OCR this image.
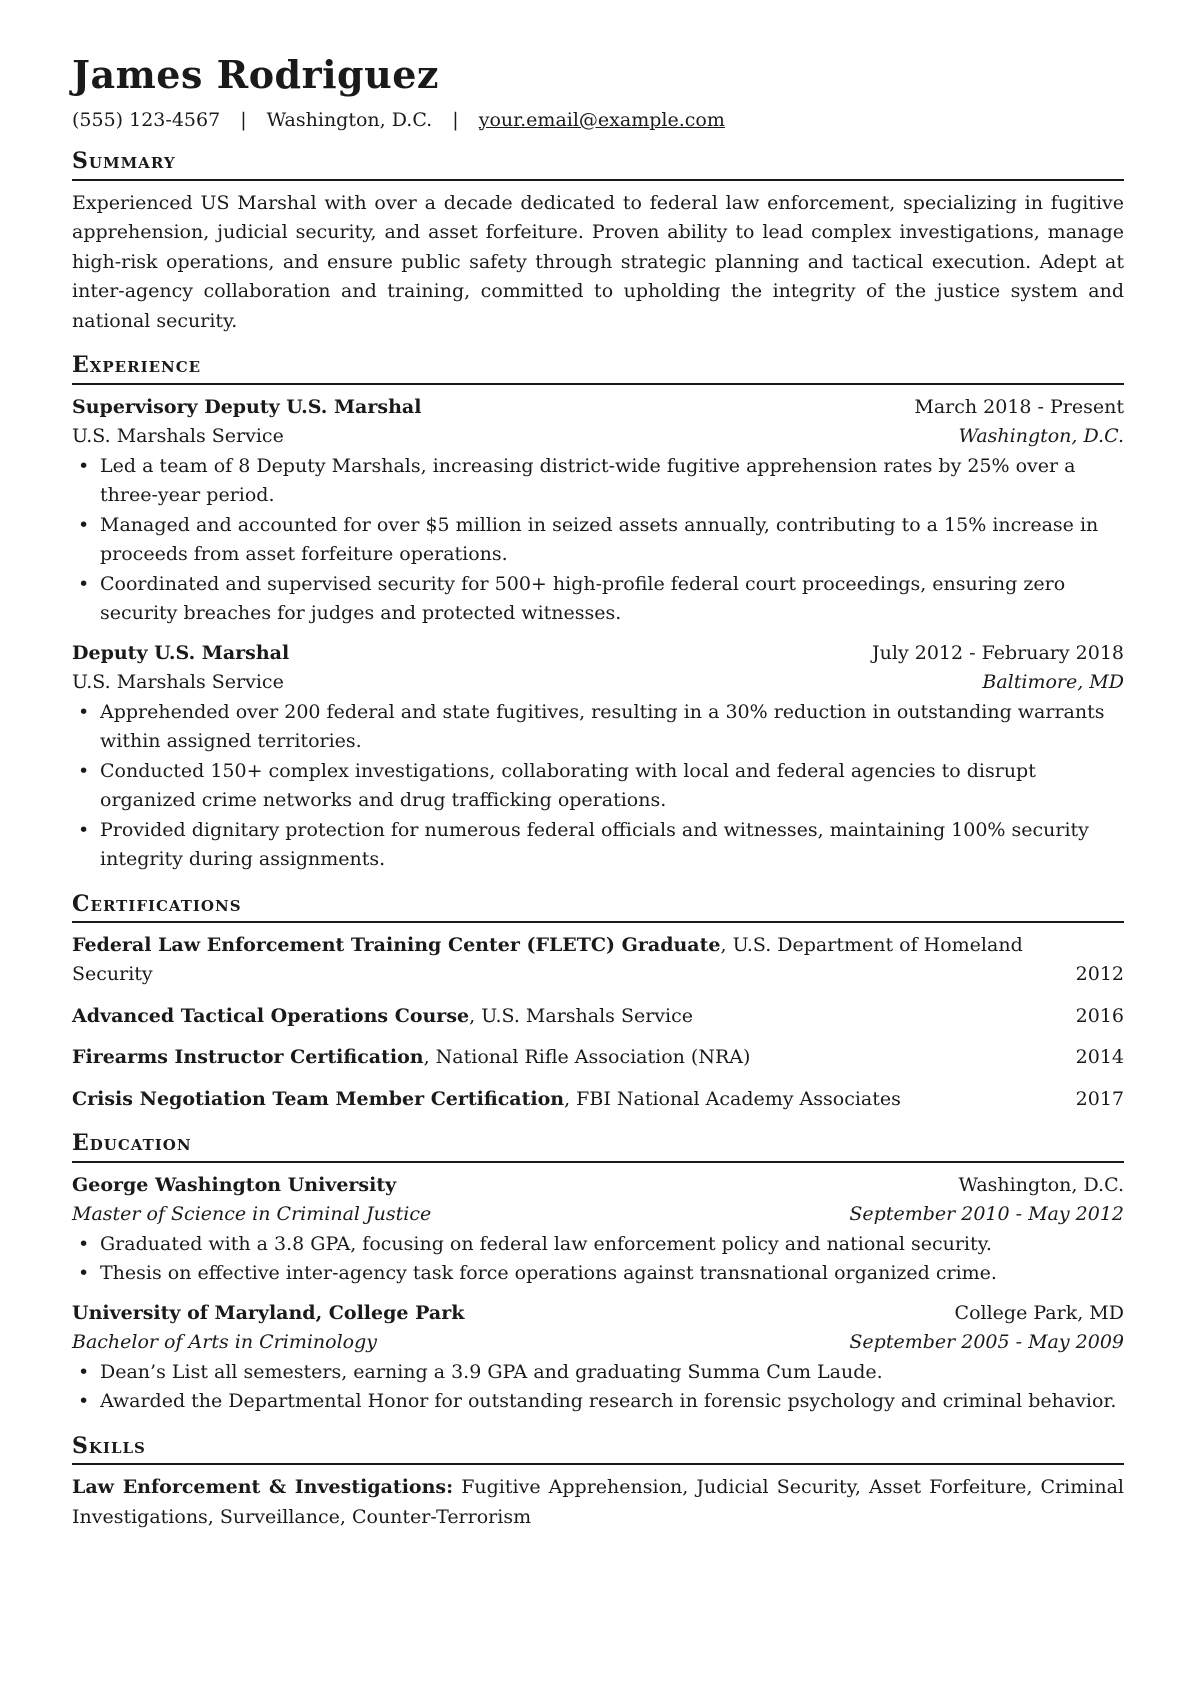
James Rodriguez
(555) 123-4567 | Washington, D.C. | your.email@example.com
Summary
Experienced US Marshal with over a decade dedicated to federal law enforcement, specializing in fugitive apprehension, judicial security, and asset forfeiture. Proven ability to lead complex investigations, manage high-risk operations, and ensure public safety through strategic planning and tactical execution. Adept at inter-agency collaboration and training, committed to upholding the integrity of the justice system and national security.
Experience
Supervisory Deputy U.S. Marshal	March 2018 - Present
U.S. Marshals Service	Washington, D.C.
• Led a team of 8 Deputy Marshals, increasing district-wide fugitive apprehension rates by 25% over a three-year period.
• Managed and accounted for over $5 million in seized assets annually, contributing to a 15% increase in proceeds from asset forfeiture operations.
• Coordinated and supervised security for 500+ high-profile federal court proceedings, ensuring zero security breaches for judges and protected witnesses.
Deputy U.S. Marshal	July 2012 - February 2018
U.S. Marshals Service	Baltimore, MD
• Apprehended over 200 federal and state fugitives, resulting in a 30% reduction in outstanding warrants within assigned territories.
• Conducted 150+ complex investigations, collaborating with local and federal agencies to disrupt organized crime networks and drug trafficking operations.
• Provided dignitary protection for numerous federal officials and witnesses, maintaining 100% security integrity during assignments.
Certifications
Federal Law Enforcement Training Center (FLETC) Graduate, U.S. Department of Homeland Security	2012
Advanced Tactical Operations Course, U.S. Marshals Service	2016
Firearms Instructor Certification, National Rifle Association (NRA)	2014
Crisis Negotiation Team Member Certification, FBI National Academy Associates	2017
Education
George Washington University	Washington, D.C.
Master of Science in Criminal Justice	September 2010 - May 2012
• Graduated with a 3.8 GPA, focusing on federal law enforcement policy and national security.
• Thesis on effective inter-agency task force operations against transnational organized crime.
University of Maryland, College Park	College Park, MD
Bachelor of Arts in Criminology	September 2005 - May 2009
• Dean’s List all semesters, earning a 3.9 GPA and graduating Summa Cum Laude.
• Awarded the Departmental Honor for outstanding research in forensic psychology and criminal behavior.
Skills
Law Enforcement & Investigations: Fugitive Apprehension, Judicial Security, Asset Forfeiture, Criminal Investigations, Surveillance, Counter-Terrorism
